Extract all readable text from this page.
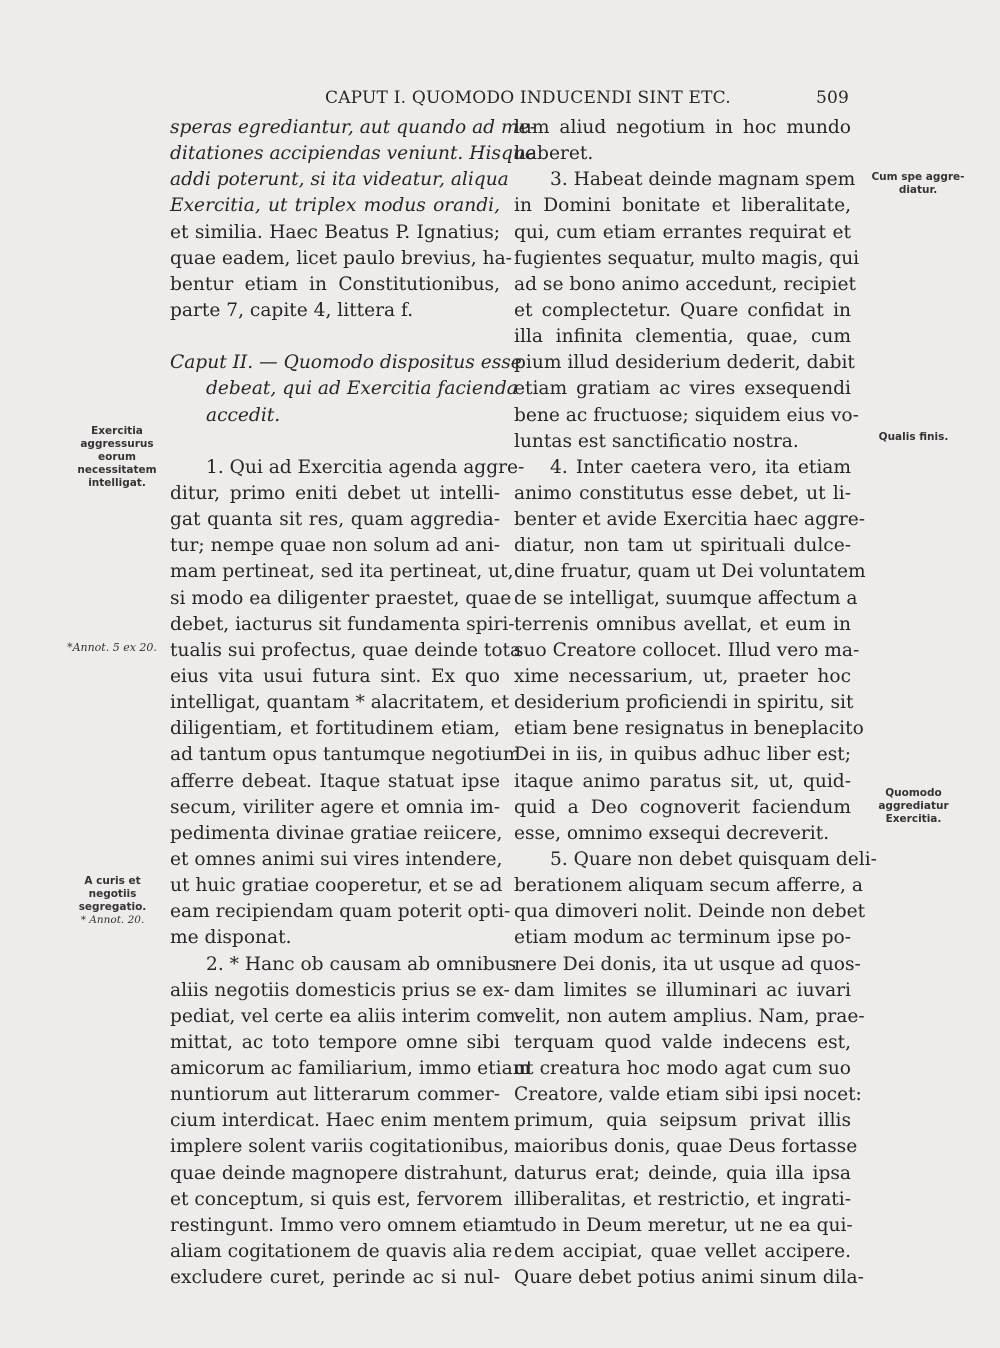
CAPUT I. QUOMODO INDUCENDI SINT ETC.	509
speras egrediantur, aut quando ad me-
ditationes accipiendas veniunt. Hisque
addi poterunt, si ita videatur, aliqua
Exercitia, ut triplex modus orandi,
et similia. Haec Beatus P. Ignatius;
quae eadem, licet paulo brevius, ha-
bentur etiam in Constitutionibus,
parte 7, capite 4, littera f.
Caput II. — Quomodo dispositus esse
debeat, qui ad Exercitia facienda
accedit.
1. Qui ad Exercitia agenda aggre-
ditur, primo eniti debet ut intelli-
gat quanta sit res, quam aggredia-
tur; nempe quae non solum ad ani-
mam pertineat, sed ita pertineat, ut,
si modo ea diligenter praestet, quae
debet, iacturus sit fundamenta spiri-
tualis sui profectus, quae deinde tota
eius vita usui futura sint. Ex quo
intelligat, quantam * alacritatem, et
diligentiam, et fortitudinem etiam,
ad tantum opus tantumque negotium
afferre debeat. Itaque statuat ipse
secum, viriliter agere et omnia im-
pedimenta divinae gratiae reiicere,
et omnes animi sui vires intendere,
ut huic gratiae cooperetur, et se ad
eam recipiendam quam poterit opti-
me disponat.
2. * Hanc ob causam ab omnibus
aliis negotiis domesticis prius se ex-
pediat, vel certe ea aliis interim com-
mittat, ac toto tempore omne sibi
amicorum ac familiarium, immo etiam
nuntiorum aut litterarum commer-
cium interdicat. Haec enim mentem
implere solent variis cogitationibus,
quae deinde magnopere distrahunt,
et conceptum, si quis est, fervorem
restingunt. Immo vero omnem etiam
aliam cogitationem de quavis alia re
excludere curet, perinde ac si nul-
lum aliud negotium in hoc mundo
haberet.
3. Habeat deinde magnam spem
in Domini bonitate et liberalitate,
qui, cum etiam errantes requirat et
fugientes sequatur, multo magis, qui
ad se bono animo accedunt, recipiet
et complectetur. Quare confidat in
illa infinita clementia, quae, cum
pium illud desiderium dederit, dabit
etiam gratiam ac vires exsequendi
bene ac fructuose; siquidem eius vo-
luntas est sanctificatio nostra.
4. Inter caetera vero, ita etiam
animo constitutus esse debet, ut li-
benter et avide Exercitia haec aggre-
diatur, non tam ut spirituali dulce-
dine fruatur, quam ut Dei voluntatem
de se intelligat, suumque affectum a
terrenis omnibus avellat, et eum in
suo Creatore collocet. Illud vero ma-
xime necessarium, ut, praeter hoc
desiderium proficiendi in spiritu, sit
etiam bene resignatus in beneplacito
Dei in iis, in quibus adhuc liber est;
itaque animo paratus sit, ut, quid-
quid a Deo cognoverit faciendum
esse, omnimo exsequi decreverit.
5. Quare non debet quisquam deli-
berationem aliquam secum afferre, a
qua dimoveri nolit. Deinde non debet
etiam modum ac terminum ipse po-
nere Dei donis, ita ut usque ad quos-
dam limites se illuminari ac iuvari
velit, non autem amplius. Nam, prae-
terquam quod valde indecens est,
ut creatura hoc modo agat cum suo
Creatore, valde etiam sibi ipsi nocet:
primum, quia seipsum privat illis
maioribus donis, quae Deus fortasse
daturus erat; deinde, quia illa ipsa
illiberalitas, et restrictio, et ingrati-
tudo in Deum meretur, ut ne ea qui-
dem accipiat, quae vellet accipere.
Quare debet potius animi sinum dila-
Exercitia aggressurus eorum necessitatem intelligat.
*Annot. 5 ex 20.
A curis et negotiis segregatio.
* Annot. 20.
Cum spe aggre-diatur.
Qualis finis.
Quomodo aggrediatur Exercitia.
